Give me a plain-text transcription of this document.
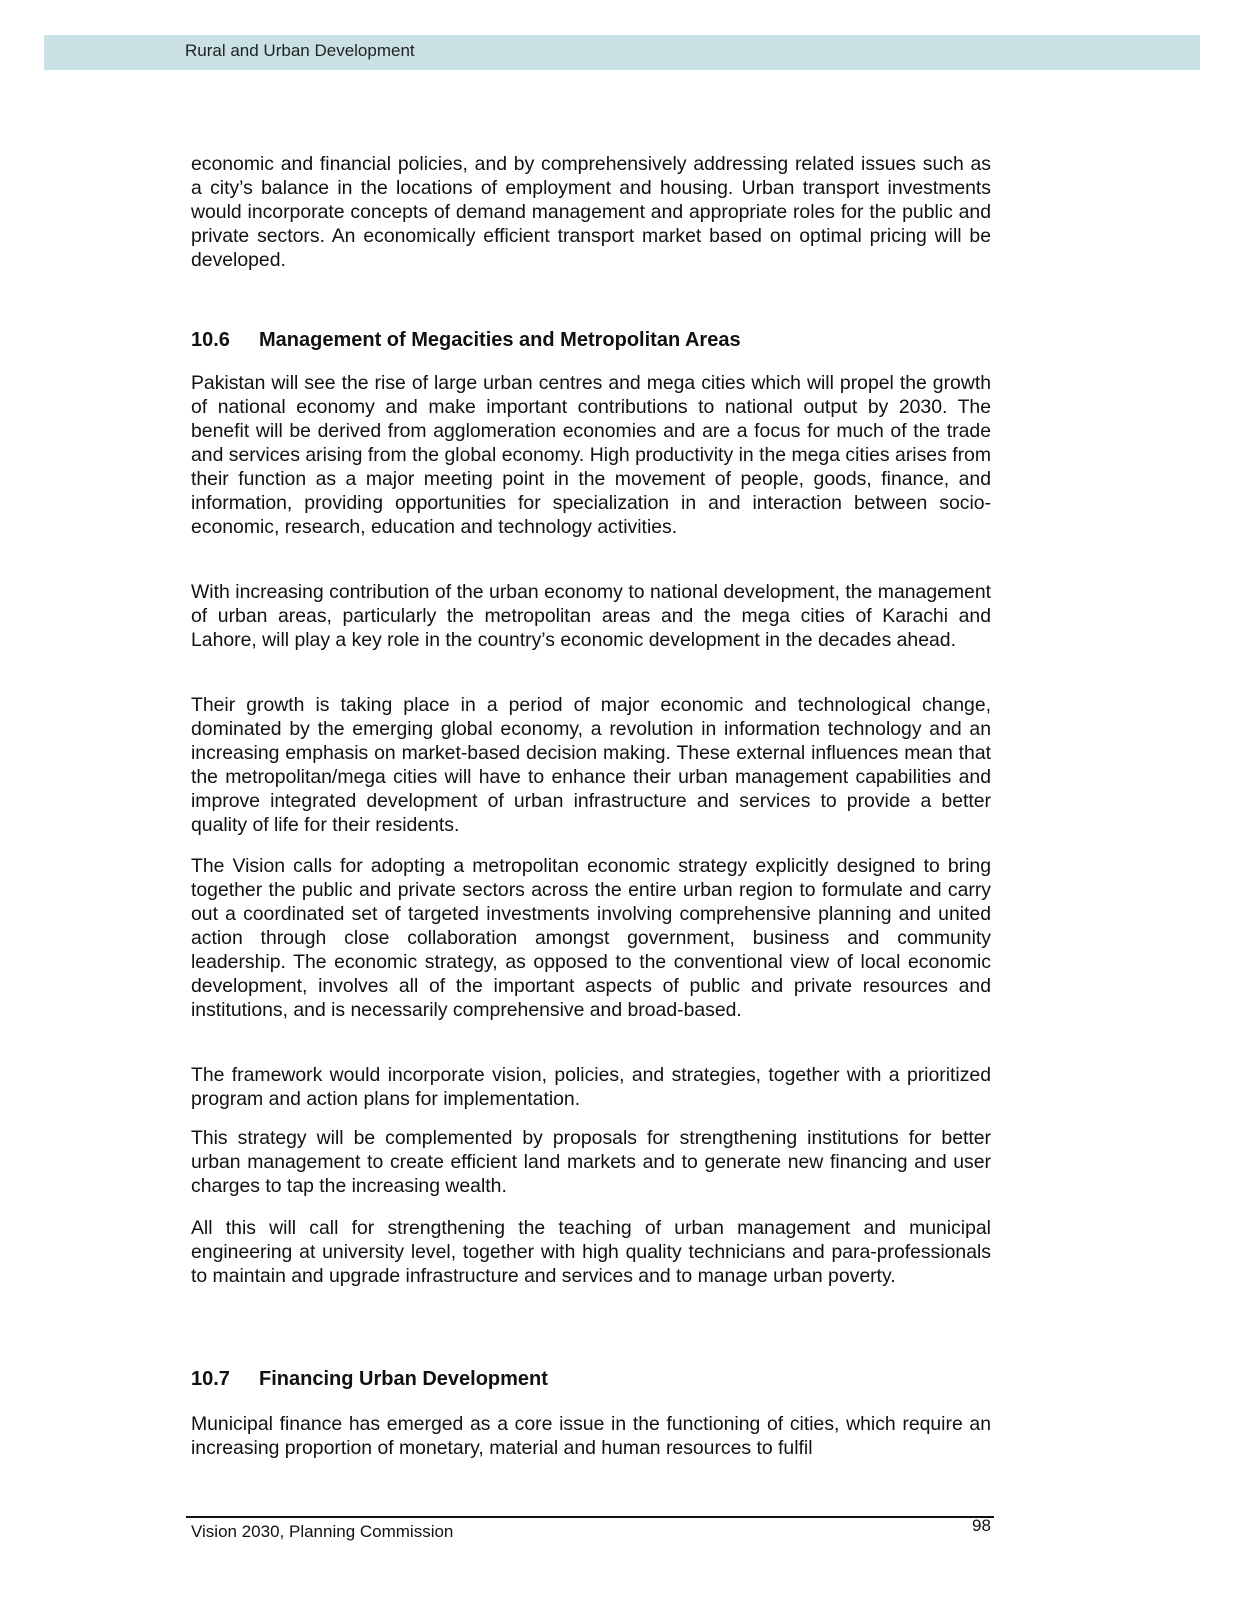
Rural and Urban Development

economic and financial policies, and by comprehensively addressing related issues such as a city’s balance in the locations of employment and housing. Urban transport investments would incorporate concepts of demand management and appropriate roles for the public and private sectors. An economically efficient transport market based on optimal pricing will be developed.

10.6 Management of Megacities and Metropolitan Areas

Pakistan will see the rise of large urban centres and mega cities which will propel the growth of national economy and make important contributions to national output by 2030. The benefit will be derived from agglomeration economies and are a focus for much of the trade and services arising from the global economy. High productivity in the mega cities arises from their function as a major meeting point in the movement of people, goods, finance, and information, providing opportunities for specialization in and interaction between socio-economic, research, education and technology activities.

With increasing contribution of the urban economy to national development, the management of urban areas, particularly the metropolitan areas and the mega cities of Karachi and Lahore, will play a key role in the country’s economic development in the decades ahead.

Their growth is taking place in a period of major economic and technological change, dominated by the emerging global economy, a revolution in information technology and an increasing emphasis on market-based decision making. These external influences mean that the metropolitan/mega cities will have to enhance their urban management capabilities and improve integrated development of urban infrastructure and services to provide a better quality of life for their residents.

The Vision calls for adopting a metropolitan economic strategy explicitly designed to bring together the public and private sectors across the entire urban region to formulate and carry out a coordinated set of targeted investments involving comprehensive planning and united action through close collaboration amongst government, business and community leadership. The economic strategy, as opposed to the conventional view of local economic development, involves all of the important aspects of public and private resources and institutions, and is necessarily comprehensive and broad-based.

The framework would incorporate vision, policies, and strategies, together with a prioritized program and action plans for implementation.

This strategy will be complemented by proposals for strengthening institutions for better urban management to create efficient land markets and to generate new financing and user charges to tap the increasing wealth.

All this will call for strengthening the teaching of urban management and municipal engineering at university level, together with high quality technicians and para-professionals to maintain and upgrade infrastructure and services and to manage urban poverty.

10.7 Financing Urban Development

Municipal finance has emerged as a core issue in the functioning of cities, which require an increasing proportion of monetary, material and human resources to fulfil

Vision 2030, Planning Commission	98
